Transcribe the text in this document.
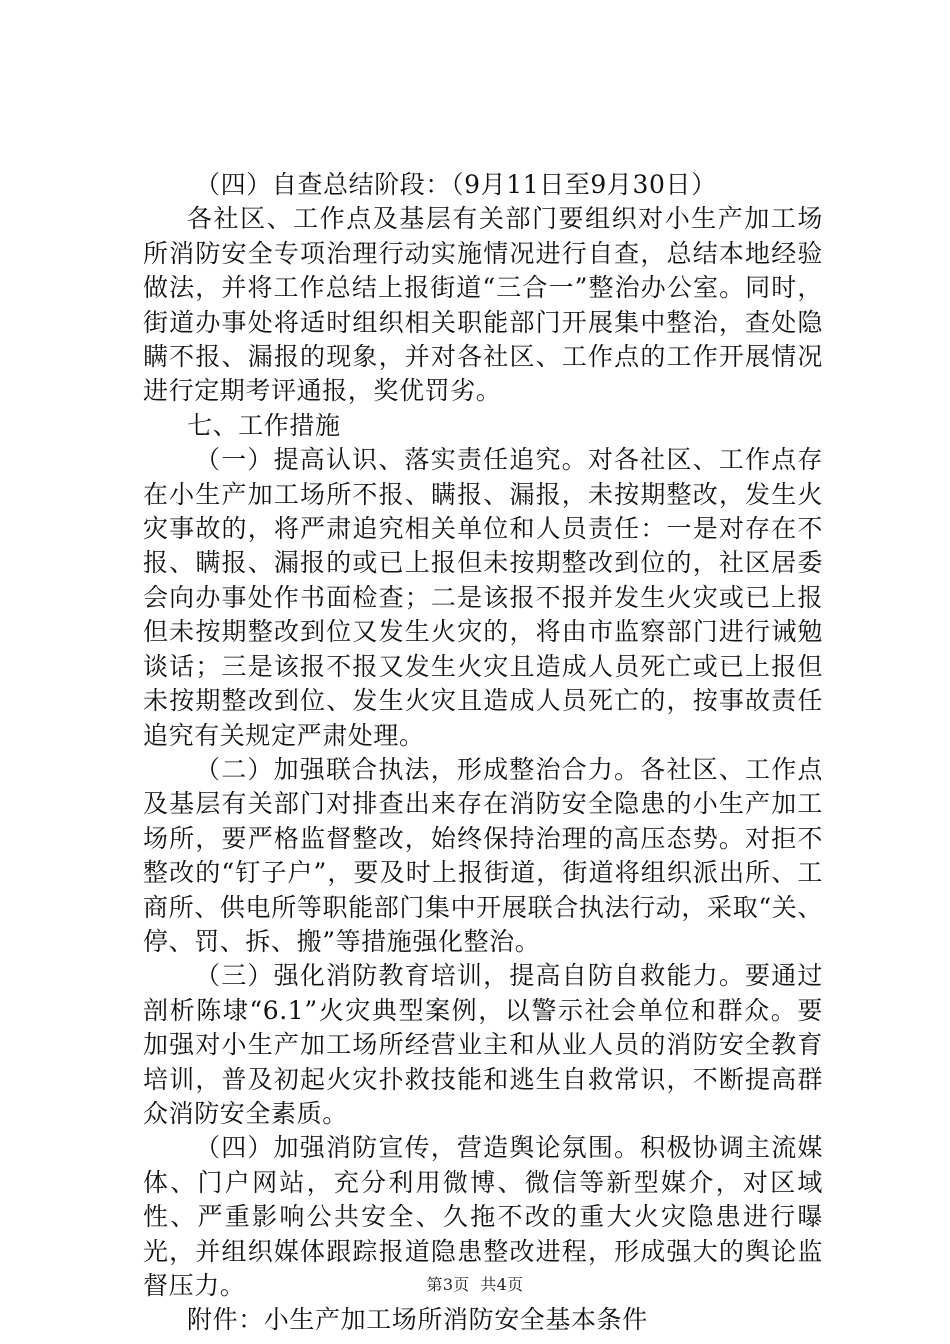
（四）自查总结阶段：（9月11日至9月30日）

各社区、工作点及基层有关部门要组织对小生产加工场所消防安全专项治理行动实施情况进行自查，总结本地经验做法，并将工作总结上报街道“三合一”整治办公室。同时，街道办事处将适时组织相关职能部门开展集中整治，查处隐瞒不报、漏报的现象，并对各社区、工作点的工作开展情况进行定期考评通报，奖优罚劣。

七、工作措施

（一）提高认识、落实责任追究。对各社区、工作点存在小生产加工场所不报、瞒报、漏报，未按期整改，发生火灾事故的，将严肃追究相关单位和人员责任：一是对存在不报、瞒报、漏报的或已上报但未按期整改到位的，社区居委会向办事处作书面检查；二是该报不报并发生火灾或已上报但未按期整改到位又发生火灾的，将由市监察部门进行诫勉谈话；三是该报不报又发生火灾且造成人员死亡或已上报但未按期整改到位、发生火灾且造成人员死亡的，按事故责任追究有关规定严肃处理。

（二）加强联合执法，形成整治合力。各社区、工作点及基层有关部门对排查出来存在消防安全隐患的小生产加工场所，要严格监督整改，始终保持治理的高压态势。对拒不整改的“钉子户”，要及时上报街道，街道将组织派出所、工商所、供电所等职能部门集中开展联合执法行动，采取“关、停、罚、拆、搬”等措施强化整治。

（三）强化消防教育培训，提高自防自救能力。要通过剖析陈埭“6.1”火灾典型案例，以警示社会单位和群众。要加强对小生产加工场所经营业主和从业人员的消防安全教育培训，普及初起火灾扑救技能和逃生自救常识，不断提高群众消防安全素质。

（四）加强消防宣传，营造舆论氛围。积极协调主流媒体、门户网站，充分利用微博、微信等新型媒介，对区域性、严重影响公共安全、久拖不改的重大火灾隐患进行曝光，并组织媒体跟踪报道隐患整改进程，形成强大的舆论监督压力。

附件：小生产加工场所消防安全基本条件

第3页  共4页
